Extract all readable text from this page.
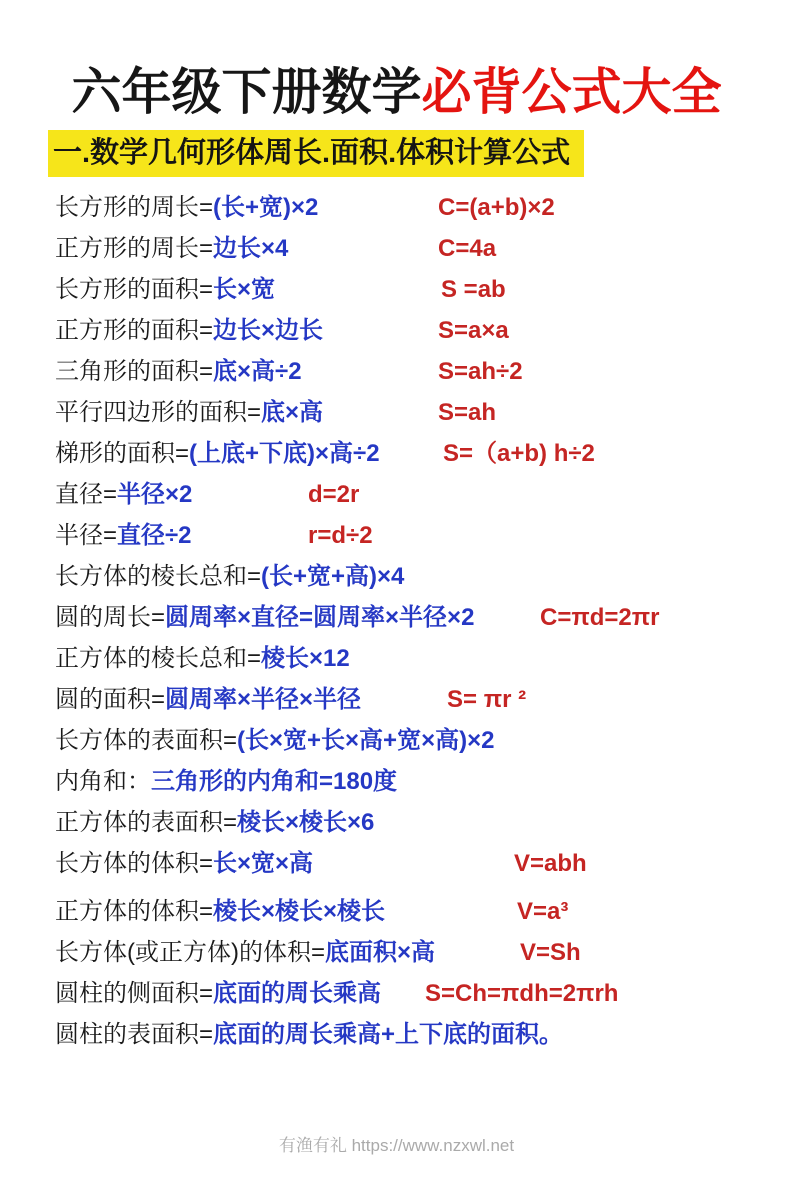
六年级下册数学必背公式大全
一.数学几何形体周长.面积.体积计算公式
长方形的周长=(长+宽)×2	C=(a+b)×2
正方形的周长=边长×4	C=4a
长方形的面积=长×宽	S =ab
正方形的面积=边长×边长	S=a×a
三角形的面积=底×高÷2	S=ah÷2
平行四边形的面积=底×高	S=ah
梯形的面积=(上底+下底)×高÷2	S=（a+b) h÷2
直径=半径×2	d=2r
半径=直径÷2	r=d÷2
长方体的棱长总和=(长+宽+高)×4
圆的周长=圆周率×直径=圆周率×半径×2	C=πd=2πr
正方体的棱长总和=棱长×12
圆的面积=圆周率×半径×半径	S= πr ²
长方体的表面积=(长×宽+长×高+宽×高)×2
内角和：三角形的内角和=180度
正方体的表面积=棱长×棱长×6
长方体的体积=长×宽×高	V=abh
正方体的体积=棱长×棱长×棱长	V=a³
长方体(或正方体)的体积=底面积×高	V=Sh
圆柱的侧面积=底面的周长乘高 S=Ch=πdh=2πrh
圆柱的表面积=底面的周长乘高+上下底的面积。
有渔有礼 https://www.nzxwl.net
